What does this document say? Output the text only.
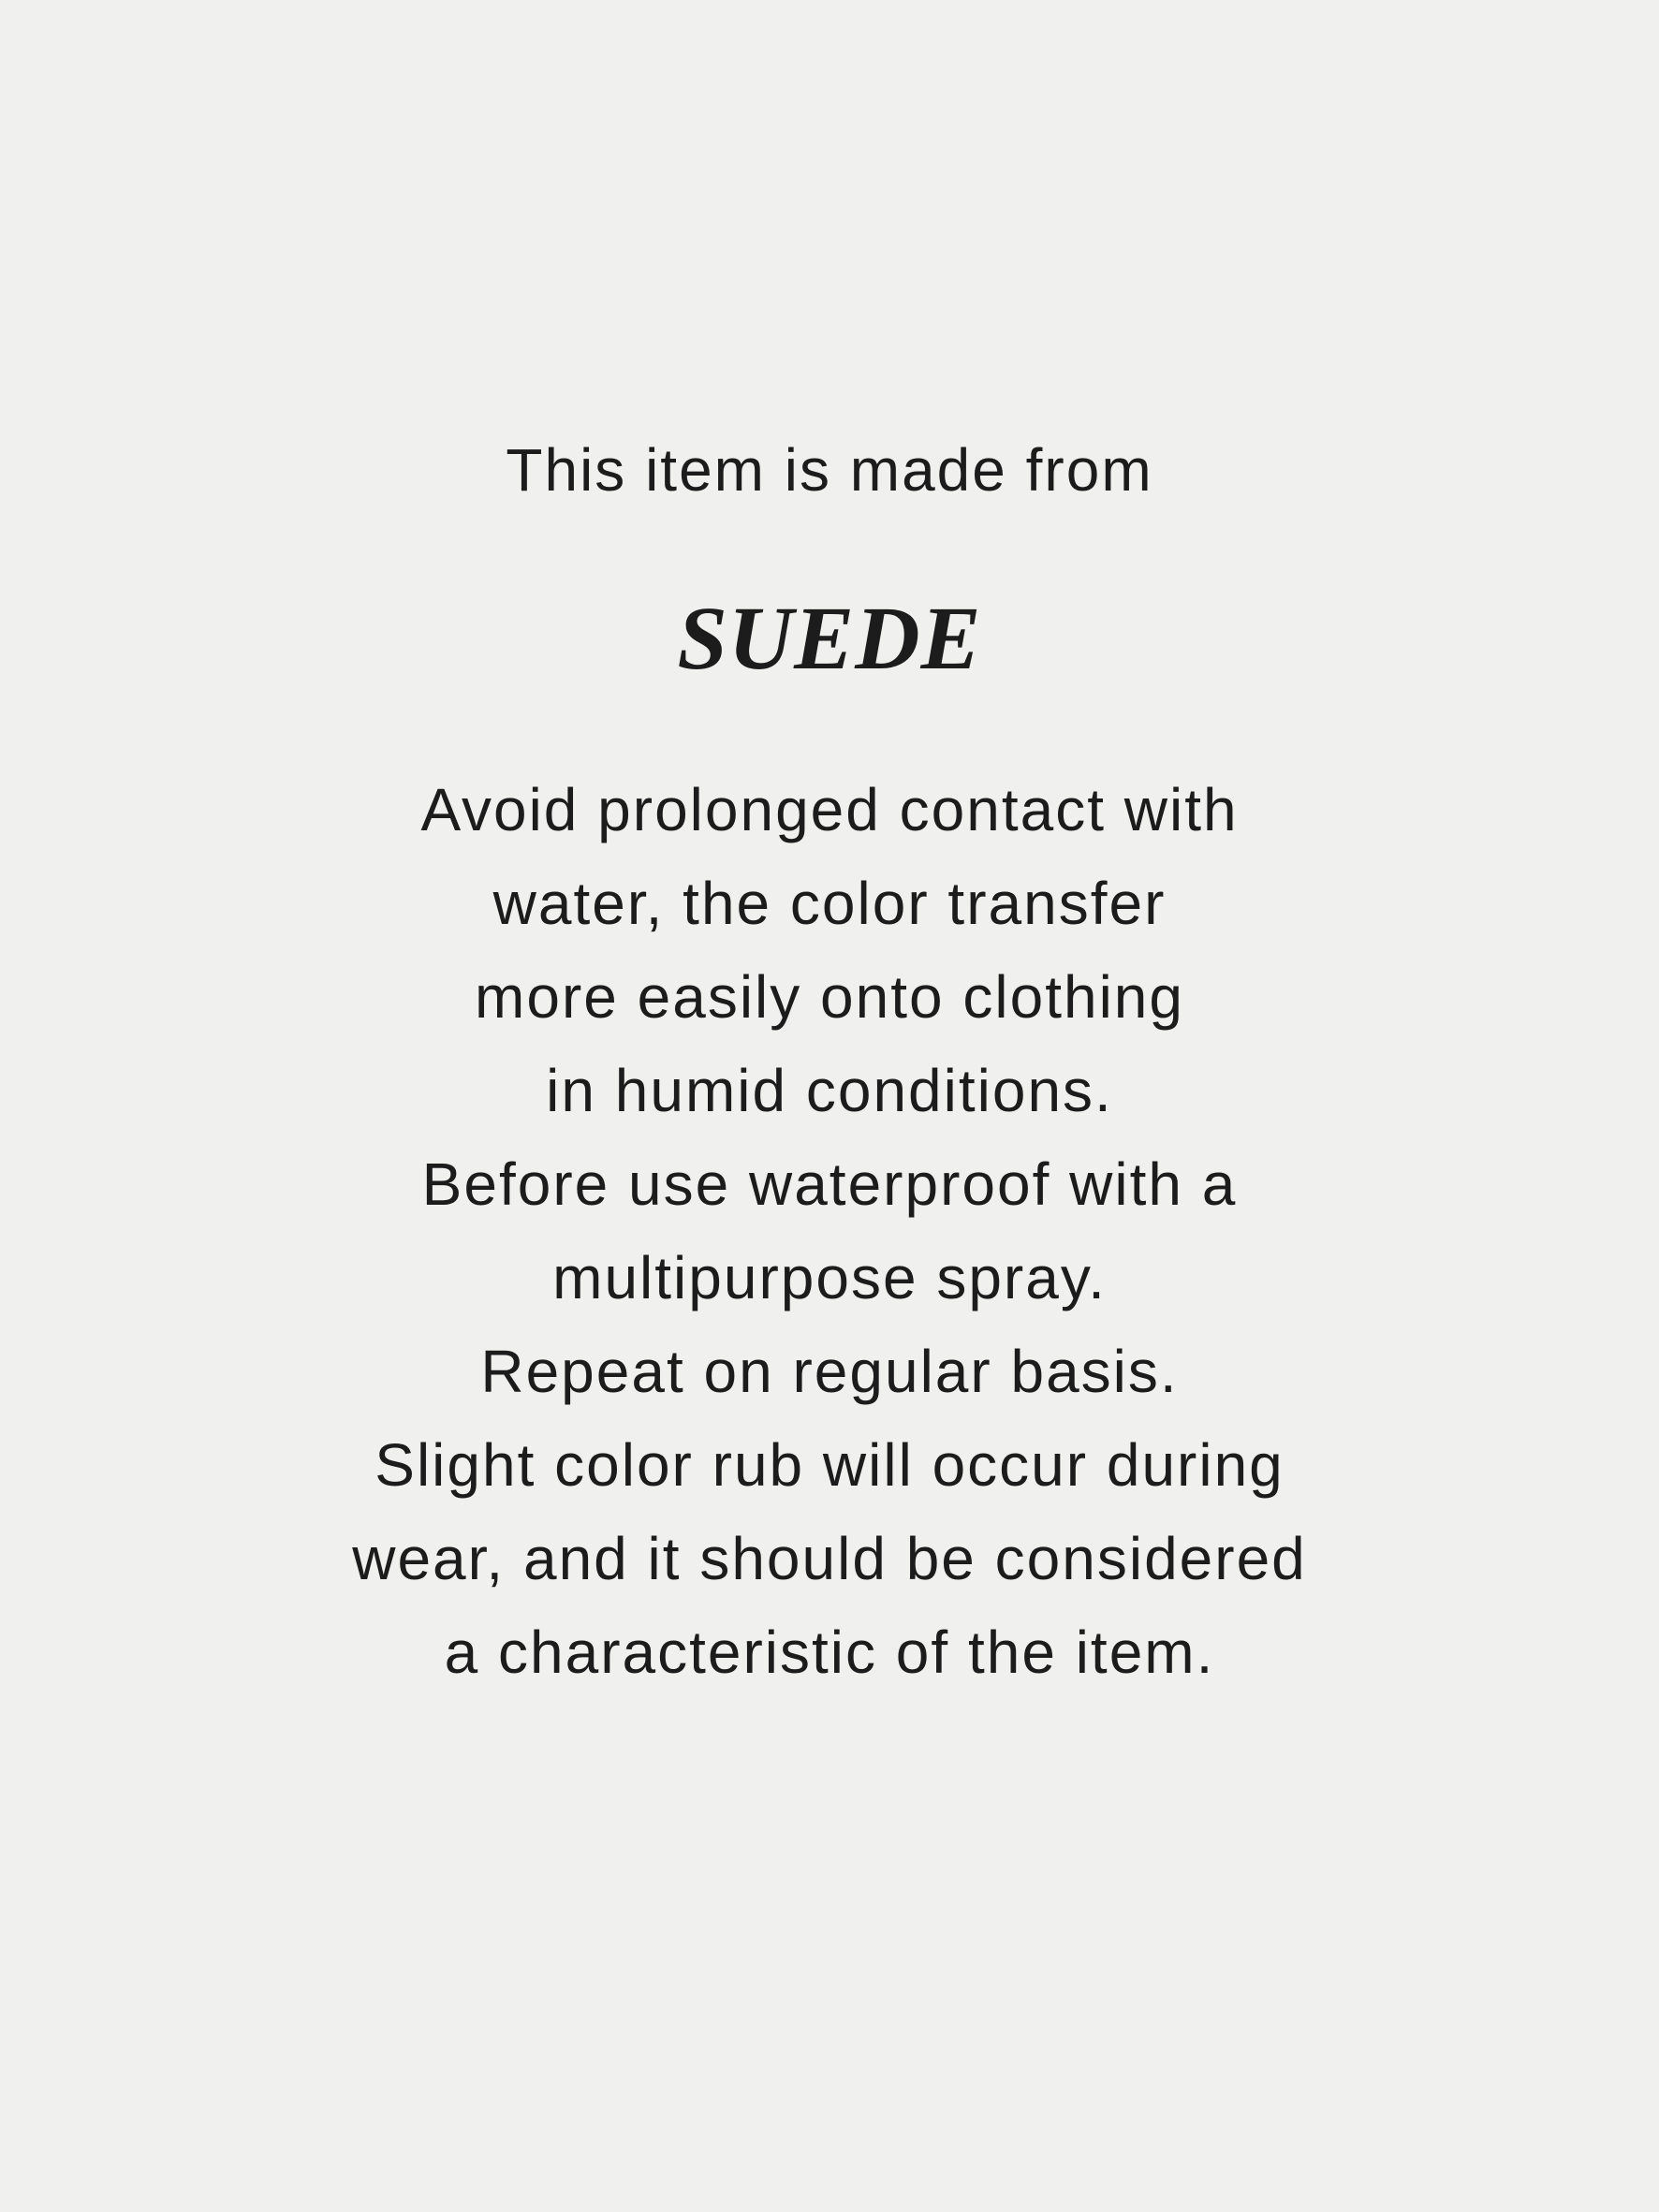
This item is made from
SUEDE
Avoid prolonged contact with
water, the color transfer
more easily onto clothing
in humid conditions.
Before use waterproof with a
multipurpose spray.
Repeat on regular basis.
Slight color rub will occur during
wear, and it should be considered
a characteristic of the item.
